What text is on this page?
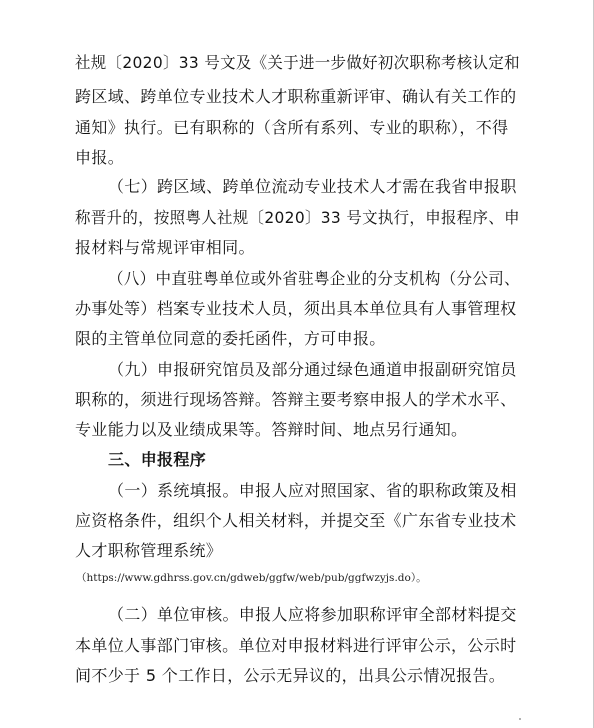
社规〔2020〕33 号文及《关于进一步做好初次职称考核认定和
跨区域、跨单位专业技术人才职称重新评审、确认有关工作的
通知》执行。已有职称的（含所有系列、专业的职称），不得
申报。
（七）跨区域、跨单位流动专业技术人才需在我省申报职
称晋升的，按照粤人社规〔2020〕33 号文执行，申报程序、申
报材料与常规评审相同。
（八）中直驻粤单位或外省驻粤企业的分支机构（分公司、
办事处等）档案专业技术人员，须出具本单位具有人事管理权
限的主管单位同意的委托函件，方可申报。
（九）申报研究馆员及部分通过绿色通道申报副研究馆员
职称的，须进行现场答辩。答辩主要考察申报人的学术水平、
专业能力以及业绩成果等。答辩时间、地点另行通知。
三、申报程序
（一）系统填报。申报人应对照国家、省的职称政策及相
应资格条件，组织个人相关材料，并提交至《广东省专业技术
人才职称管理系统》
（https://www.gdhrss.gov.cn/gdweb/ggfw/web/pub/ggfwzyjs.do）。
（二）单位审核。申报人应将参加职称评审全部材料提交
本单位人事部门审核。单位对申报材料进行评审公示，公示时
间不少于 5 个工作日，公示无异议的，出具公示情况报告。
